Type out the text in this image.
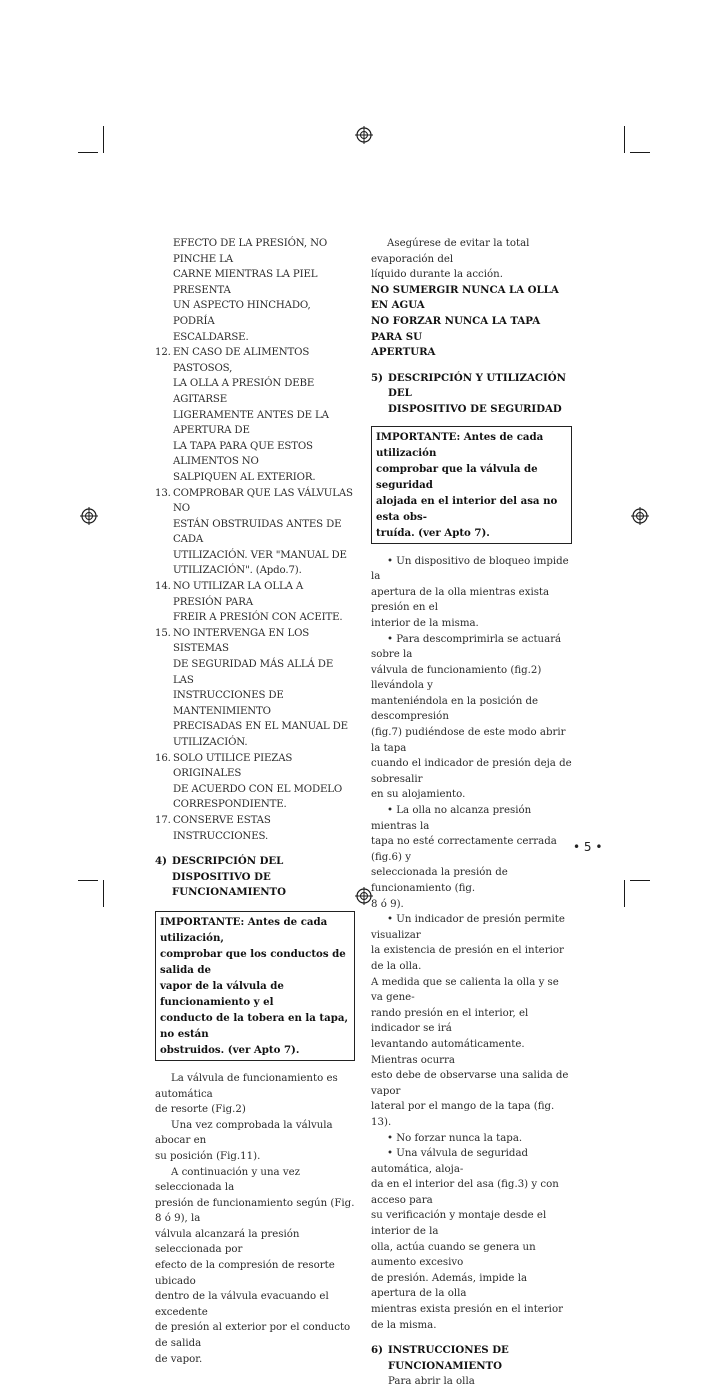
EFECTO DE LA PRESIÓN, NO PINCHE LA

CARNE MIENTRAS LA PIEL PRESENTA

UN ASPECTO HINCHADO, PODRÍA

ESCALDARSE.

12. EN CASO DE ALIMENTOS PASTOSOS,

LA OLLA A PRESIÓN DEBE AGITARSE

LIGERAMENTE ANTES DE LA APERTURA DE

LA TAPA PARA QUE ESTOS ALIMENTOS NO

SALPIQUEN AL EXTERIOR.

13. COMPROBAR QUE LAS VÁLVULAS NO

ESTÁN OBSTRUIDAS ANTES DE CADA

UTILIZACIÓN. VER "MANUAL DE

UTILIZACIÓN". (Apdo.7).

14. NO UTILIZAR LA OLLA A PRESIÓN PARA

FREIR A PRESIÓN CON ACEITE.

15. NO INTERVENGA EN LOS SISTEMAS

DE SEGURIDAD MÁS ALLÁ DE LAS

INSTRUCCIONES DE MANTENIMIENTO

PRECISADAS EN EL MANUAL DE

UTILIZACIÓN.

16. SOLO UTILICE PIEZAS ORIGINALES

DE ACUERDO CON EL MODELO

CORRESPONDIENTE.

17. CONSERVE ESTAS INSTRUCCIONES.

4) DESCRIPCIÓN DEL DISPOSITIVO DE

FUNCIONAMIENTO

IMPORTANTE: Antes de cada utilización,

comprobar que los conductos de salida de

vapor de la válvula de funcionamiento y el

conducto de la tobera en la tapa, no están

obstruidos. (ver Apto 7).

La válvula de funcionamiento es automática

de resorte (Fig.2)

Una vez comprobada la válvula abocar en

su posición (Fig.11).

A continuación y una vez seleccionada la

presión de funcionamiento según (Fig. 8 ó 9), la

válvula alcanzará la presión seleccionada por

efecto de la compresión de resorte ubicado

dentro de la válvula evacuando el excedente

de presión al exterior por el conducto de salida

de vapor.

Asegúrese de evitar la total evaporación del

líquido durante la acción.

NO SUMERGIR NUNCA LA OLLA EN AGUA

NO FORZAR NUNCA LA TAPA PARA SU

APERTURA

5) DESCRIPCIÓN Y UTILIZACIÓN DEL

DISPOSITIVO DE SEGURIDAD

IMPORTANTE: Antes de cada utilización

comprobar que la válvula de seguridad

alojada en el interior del asa no esta obs-

truída. (ver Apto 7).

• Un dispositivo de bloqueo impide la

apertura de la olla mientras exista presión en el

interior de la misma.

• Para descomprimirla se actuará sobre la

válvula de funcionamiento (fig.2) llevándola y

manteniéndola en la posición de descompresión

(fig.7) pudiéndose de este modo abrir la tapa

cuando el indicador de presión deja de sobresalir

en su alojamiento.

• La olla no alcanza presión mientras la

tapa no esté correctamente cerrada (fig.6) y

seleccionada la presión de funcionamiento (fig.

8 ó 9).

• Un indicador de presión permite visualizar

la existencia de presión en el interior de la olla.

A medida que se calienta la olla y se va gene-

rando presión en el interior, el indicador se irá

levantando automáticamente. Mientras ocurra

esto debe de observarse una salida de vapor

lateral por el mango de la tapa (fig. 13).

• No forzar nunca la tapa.

• Una válvula de seguridad automática, aloja-

da en el interior del asa (fig.3) y con acceso para

su verificación y montaje desde el interior de la

olla, actúa cuando se genera un aumento excesivo

de presión. Además, impide la apertura de la olla

mientras exista presión en el interior de la misma.

6) INSTRUCCIONES DE

FUNCIONAMIENTO

Para abrir la olla

• 5 •
